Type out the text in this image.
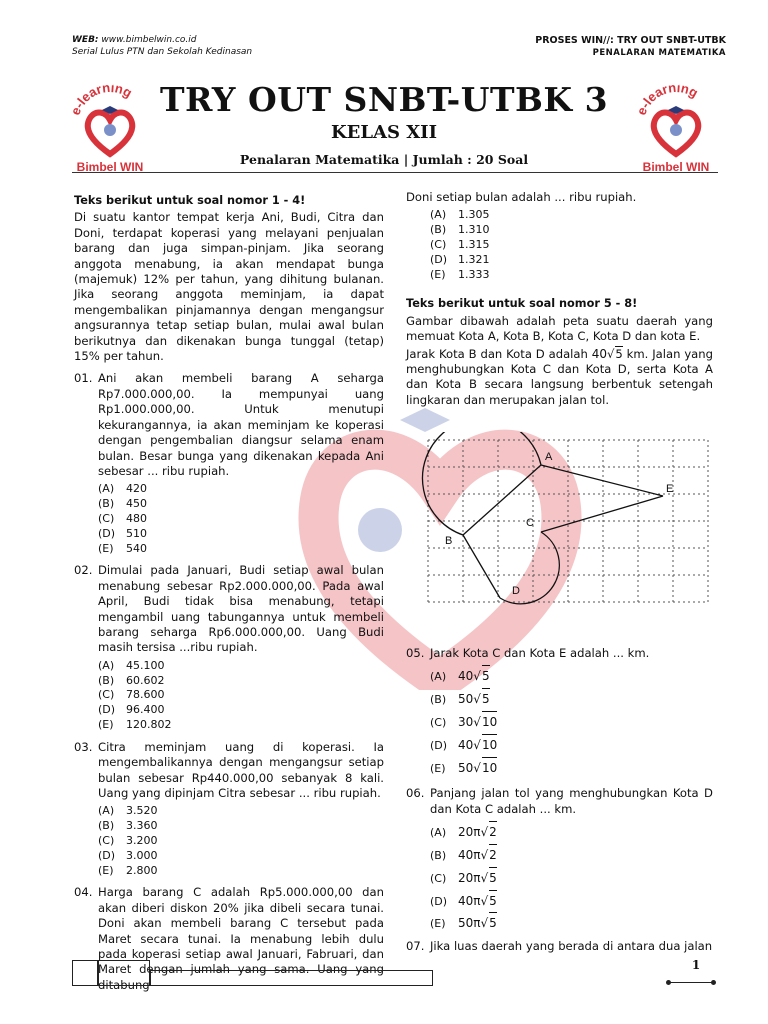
WEB: www.bimbelwin.co.id
Serial Lulus PTN dan Sekolah Kedinasan
PROSES WIN//: TRY OUT SNBT-UTBK
PENALARAN MATEMATIKA
-learning
Bimbel WIN
-learning
Bimbel WIN
TRY OUT SNBT-UTBK 3
KELAS XII
Penalaran Matematika | Jumlah : 20 Soal
Teks berikut untuk soal nomor 1 - 4!
Di suatu kantor tempat kerja Ani, Budi, Citra dan Doni, terdapat koperasi yang melayani penjualan barang dan juga simpan-pinjam. Jika seorang anggota menabung, ia akan mendapat bunga (majemuk) 12% per tahun, yang dihitung bulanan. Jika seorang anggota meminjam, ia dapat mengembalikan pinjamannya dengan mengangsur angsurannya tetap setiap bulan, mulai awal bulan berikutnya dan dikenakan bunga tunggal (tetap) 15% per tahun.
01. Ani akan membeli barang A seharga Rp7.000.000,00. Ia mempunyai uang Rp1.000.000,00. Untuk menutupi kekurangannya, ia akan meminjam ke koperasi dengan pengembalian diangsur selama enam bulan. Besar bunga yang dikenakan kepada Ani sebesar ... ribu rupiah.
(A)	420
(B)	450
(C)	480
(D) 510
(E)	540
02. Dimulai pada Januari, Budi setiap awal bulan menabung sebesar Rp2.000.000,00. Pada awal April, Budi tidak bisa menabung, tetapi mengambil uang tabungannya untuk membeli barang seharga Rp6.000.000,00. Uang Budi masih tersisa ...ribu rupiah.
(A)	45.100
(B)	60.602
(C)	78.600
(D) 96.400
(E)	120.802
03. Citra meminjam uang di koperasi. Ia mengembalikannya dengan mengangsur setiap bulan sebesar Rp440.000,00 sebanyak 8 kali. Uang yang dipinjam Citra sebesar ... ribu rupiah.
(A)	3.520
(B)	3.360
(C)	3.200
(D) 3.000
(E)	2.800
04. Harga barang C adalah Rp5.000.000,00 dan akan diberi diskon 20% jika dibeli secara tunai. Doni akan membeli barang C tersebut pada Maret secara tunai. Ia menabung lebih dulu pada koperasi setiap awal Januari, Fabruari, dan Maret dengan jumlah yang sama. Uang yang ditabung
Doni setiap bulan adalah ... ribu rupiah.
(A)	1.305
(B)	1.310
(C)	1.315
(D) 1.321
(E)	1.333
Teks berikut untuk soal nomor 5 - 8!
Gambar dibawah adalah peta suatu daerah yang memuat Kota A, Kota B, Kota C, Kota D dan kota E.
Jarak Kota B dan Kota D adalah 40√5 km. Jalan yang menghubungkan Kota C dan Kota D, serta Kota A dan Kota B secara langsung berbentuk setengah lingkaran dan merupakan jalan tol.
A
B
C
D
E
05. Jarak Kota C dan Kota E adalah ... km.
(A) 40 √ 5
(B) 50 √ 5
(C) 30 √ 10
(D) 40 √ 10
(E)	50 √ 10
06. Panjang jalan tol yang menghubungkan Kota D dan Kota C adalah ... km.
(A) 20π √ 2
(B) 40π √ 2
(C) 20π √ 5
(D) 40π √ 5
(E)	50π √ 5
07. Jika luas daerah yang berada di antara dua jalan
1
